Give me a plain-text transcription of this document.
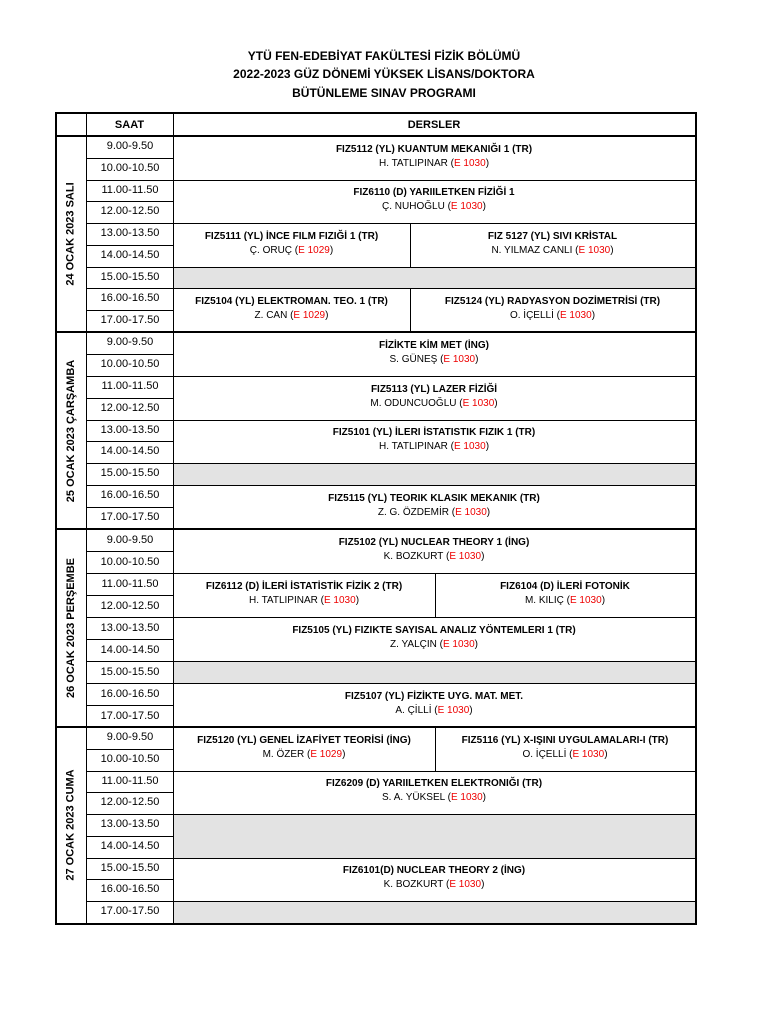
YTÜ FEN-EDEBİYAT FAKÜLTESİ FİZİK BÖLÜMÜ
2022-2023 GÜZ DÖNEMİ YÜKSEK LİSANS/DOKTORA
BÜTÜNLEME SINAV PROGRAMI
SAAT	DERSLER
24 OCAK 2023 SALI
9.00-9.50
10.00-10.50
11.00-11.50
12.00-12.50
13.00-13.50
14.00-14.50
15.00-15.50
16.00-16.50
17.00-17.50
FIZ5112 (YL) KUANTUM MEKANIĞI 1 (TR)
H. TATLIPINAR (E 1030)
FIZ6110 (D) YARIILETKEN FİZİĞİ 1
Ç. NUHOĞLU (E 1030)
FIZ5111 (YL) İNCE FILM FIZIĞİ 1 (TR)
Ç. ORUÇ (E 1029)
FIZ 5127 (YL) SIVI KRİSTAL
N. YILMAZ CANLI (E 1030)
FIZ5104 (YL) ELEKTROMAN. TEO. 1 (TR)
Z. CAN (E 1029)
FIZ5124 (YL) RADYASYON DOZİMETRİSİ (TR)
O. İÇELLİ (E 1030)
25 OCAK 2023 ÇARŞAMBA
9.00-9.50
10.00-10.50
11.00-11.50
12.00-12.50
13.00-13.50
14.00-14.50
15.00-15.50
16.00-16.50
17.00-17.50
FİZİKTE KİM MET (İNG)
S. GÜNEŞ (E 1030)
FIZ5113 (YL) LAZER FİZİĞİ
M. ODUNCUOĞLU (E 1030)
FIZ5101 (YL) İLERI İSTATISTIK FIZIK 1 (TR)
H. TATLIPINAR (E 1030)
FIZ5115 (YL) TEORIK KLASIK MEKANIK (TR)
Z. G. ÖZDEMİR (E 1030)
26 OCAK 2023 PERŞEMBE
9.00-9.50
10.00-10.50
11.00-11.50
12.00-12.50
13.00-13.50
14.00-14.50
15.00-15.50
16.00-16.50
17.00-17.50
FIZ5102 (YL) NUCLEAR THEORY 1 (İNG)
K. BOZKURT (E 1030)
FIZ6112 (D) İLERİ İSTATİSTİK FİZİK 2 (TR)
H. TATLIPINAR (E 1030)
FIZ6104 (D) İLERİ FOTONİK
M. KILIÇ (E 1030)
FIZ5105 (YL) FIZIKTE SAYISAL ANALIZ YÖNTEMLERI 1 (TR)
Z. YALÇIN (E 1030)
FIZ5107 (YL) FİZİKTE UYG. MAT. MET.
A. ÇİLLİ (E 1030)
27 OCAK 2023 CUMA
9.00-9.50
10.00-10.50
11.00-11.50
12.00-12.50
13.00-13.50
14.00-14.50
15.00-15.50
16.00-16.50
17.00-17.50
FIZ5120 (YL) GENEL İZAFİYET TEORİSİ (İNG)
M. ÖZER (E 1029)
FIZ5116 (YL) X-IŞINI UYGULAMALARI-I (TR)
O. İÇELLİ (E 1030)
FIZ6209 (D) YARIILETKEN ELEKTRONIĞI (TR)
S. A. YÜKSEL (E 1030)
FIZ6101(D) NUCLEAR THEORY 2 (İNG)
K. BOZKURT (E 1030)
